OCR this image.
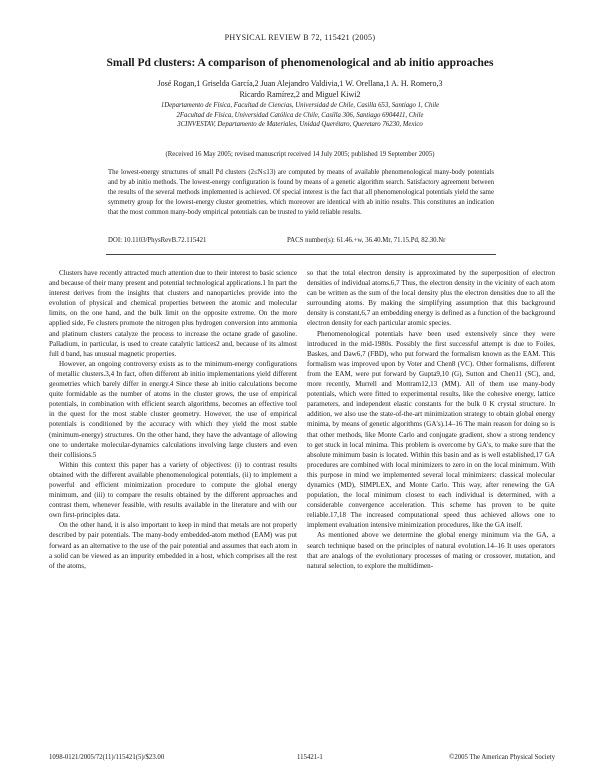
PHYSICAL REVIEW B 72, 115421 (2005)
Small Pd clusters: A comparison of phenomenological and ab initio approaches
José Rogan,1 Griselda García,2 Juan Alejandro Valdivia,1 W. Orellana,1 A. H. Romero,3
Ricardo Ramírez,2 and Miguel Kiwi2
1Departamento de Física, Facultad de Ciencias, Universidad de Chile, Casilla 653, Santiago 1, Chile
2Facultad de Física, Universidad Católica de Chile, Casilla 306, Santiago 6904411, Chile
3CINVESTAV, Departamento de Materiales, Unidad Querétaro, Queretaro 76230, Mexico
(Received 16 May 2005; revised manuscript received 14 July 2005; published 19 September 2005)
The lowest-energy structures of small Pd clusters (2≤N≤13) are computed by means of available phenomenological many-body potentials and by ab initio methods. The lowest-energy configuration is found by means of a genetic algorithm search. Satisfactory agreement between the results of the several methods implemented is achieved. Of special interest is the fact that all phenomenological potentials yield the same symmetry group for the lowest-energy cluster geometries, which moreover are identical with ab initio results. This constitutes an indication that the most common many-body empirical potentials can be trusted to yield reliable results.
DOI: 10.1103/PhysRevB.72.115421	PACS number(s): 61.46.+w, 36.40.Mr, 71.15.Pd, 82.30.Nr

Clusters have recently attracted much attention due to their interest to basic science and because of their many present and potential technological applications.1 In part the interest derives from the insights that clusters and nanoparticles provide into the evolution of physical and chemical properties between the atomic and molecular limits, on the one hand, and the bulk limit on the opposite extreme. On the more applied side, Fe clusters promote the nitrogen plus hydrogen conversion into ammonia and platinum clusters catalyze the process to increase the octane grade of gasoline. Palladium, in particular, is used to create catalytic lattices2 and, because of its almost full d band, has unusual magnetic properties.

However, an ongoing controversy exists as to the minimum-energy configurations of metallic clusters.3,4 In fact, often different ab initio implementations yield different geometries which barely differ in energy.4 Since these ab initio calculations become quite formidable as the number of atoms in the cluster grows, the use of empirical potentials, in combination with efficient search algorithms, becomes an effective tool in the quest for the most stable cluster geometry. However, the use of empirical potentials is conditioned by the accuracy with which they yield the most stable (minimum-energy) structures. On the other hand, they have the advantage of allowing one to undertake molecular-dynamics calculations involving large clusters and even their collisions.5

Within this context this paper has a variety of objectives: (i) to contrast results obtained with the different available phenomenological potentials, (ii) to implement a powerful and efficient minimization procedure to compute the global energy minimum, and (iii) to compare the results obtained by the different approaches and contrast them, whenever feasible, with results available in the literature and with our own first-principles data.

On the other hand, it is also important to keep in mind that metals are not properly described by pair potentials. The many-body embedded-atom method (EAM) was put forward as an alternative to the use of the pair potential and assumes that each atom in a solid can be viewed as an impurity embedded in a host, which comprises all the rest of the atoms,

so that the total electron density is approximated by the superposition of electron densities of individual atoms.6,7 Thus, the electron density in the vicinity of each atom can be written as the sum of the local density plus the electron densities due to all the surrounding atoms. By making the simplifying assumption that this background density is constant,6,7 an embedding energy is defined as a function of the background electron density for each particular atomic species.

Phenomenological potentials have been used extensively since they were introduced in the mid-1980s. Possibly the first successful attempt is due to Foiles, Baskes, and Daw6,7 (FBD), who put forward the formalism known as the EAM. This formalism was improved upon by Voter and Chen8 (VC). Other formalisms, different from the EAM, were put forward by Gupta9,10 (G), Sutton and Chen11 (SC), and, more recently, Murrell and Mottram12,13 (MM). All of them use many-body potentials, which were fitted to experimental results, like the cohesive energy, lattice parameters, and independent elastic constants for the bulk 0 K crystal structure. In addition, we also use the state-of-the-art minimization strategy to obtain global energy minima, by means of genetic algorithms (GA's).14–16 The main reason for doing so is that other methods, like Monte Carlo and conjugate gradient, show a strong tendency to get stuck in local minima. This problem is overcome by GA's, to make sure that the absolute minimum basin is located. Within this basin and as is well established,17 GA procedures are combined with local minimizers to zero in on the local minimum. With this purpose in mind we implemented several local minimizers: classical molecular dynamics (MD), SIMPLEX, and Monte Carlo. This way, after renewing the GA population, the local minimum closest to each individual is determined, with a considerable convergence acceleration. This scheme has proven to be quite reliable.17,18 The increased computational speed thus achieved allows one to implement evaluation intensive minimization procedures, like the GA itself.

As mentioned above we determine the global energy minimum via the GA, a search technique based on the principles of natural evolution.14–16 It uses operators that are analogs of the evolutionary processes of mating or crossover, mutation, and natural selection, to explore the multidimen-

1098-0121/2005/72(11)/115421(5)/$23.00	115421-1	©2005 The American Physical Society
